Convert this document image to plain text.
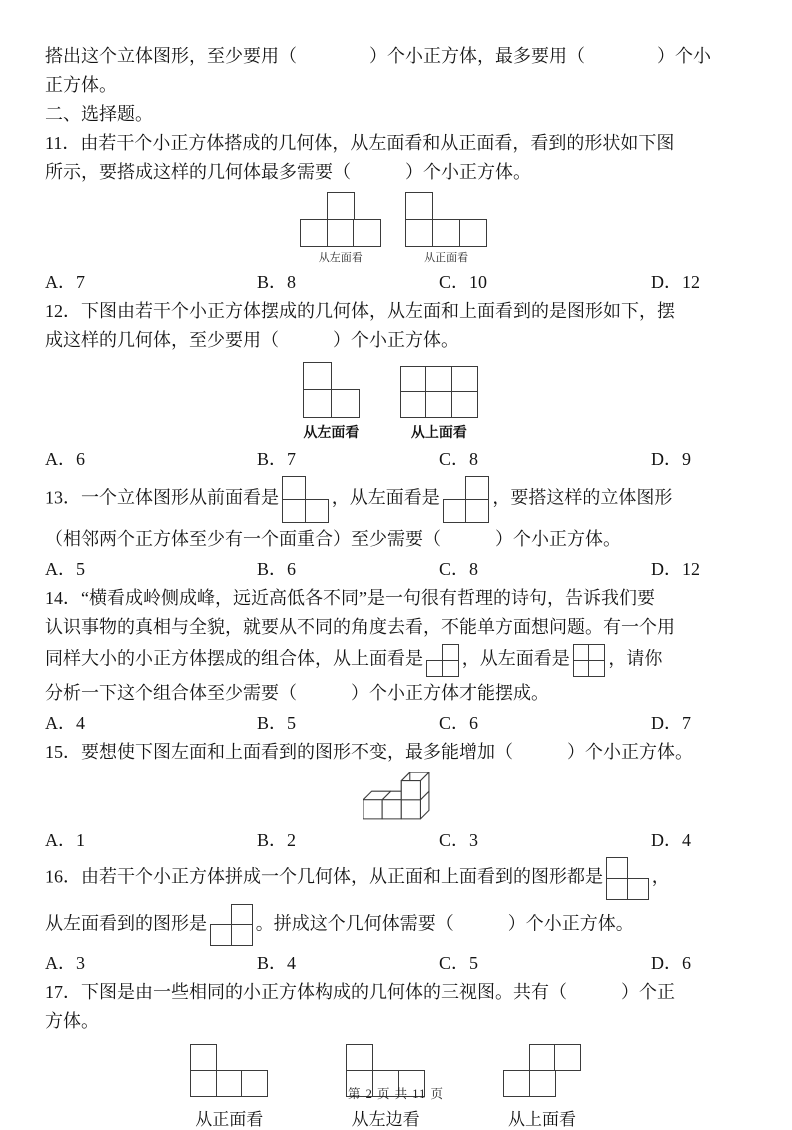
搭出这个立体图形，至少要用（　　　　）个小正方体，最多要用（　　　　）个小

正方体。

二、选择题。

11．由若干个小正方体搭成的几何体，从左面看和从正面看，看到的形状如下图

所示，要搭成这样的几何体最多需要（　　　）个小正方体。

从左面看	从正面看
A．7	B．8	C．10	D．12

12．下图由若干个小正方体摆成的几何体，从左面和上面看到的是图形如下，摆

成这样的几何体，至少要用（　　　）个小正方体。

从左面看	从上面看
A．6	B．7	C．8	D．9

13．一个立体图形从前面看是	，从左面看是	，要搭这样的立体图形

（相邻两个正方体至少有一个面重合）至少需要（　　　）个小正方体。

A．5	B．6	C．8	D．12

14．“横看成岭侧成峰，远近高低各不同”是一句很有哲理的诗句，告诉我们要

认识事物的真相与全貌，就要从不同的角度去看，不能单方面想问题。有一个用

同样大小的小正方体摆成的组合体，从上面看是 ，从左面看是 ，请你

分析一下这个组合体至少需要（　　　）个小正方体才能摆成。

A．4	B．5	C．6	D．7

15．要想使下图左面和上面看到的图形不变，最多能增加（　　　）个小正方体。

A．1	B．2	C．3	D．4

16．由若干个小正方体拼成一个几何体，从正面和上面看到的图形都是	，

从左面看到的图形是	。拼成这个几何体需要（　　　）个小正方体。

A．3	B．4	C．5	D．6

17．下图是由一些相同的小正方体构成的几何体的三视图。共有（　　　）个正

方体。

从正面看	从左边看	从上面看
第 2 页 共 11 页
